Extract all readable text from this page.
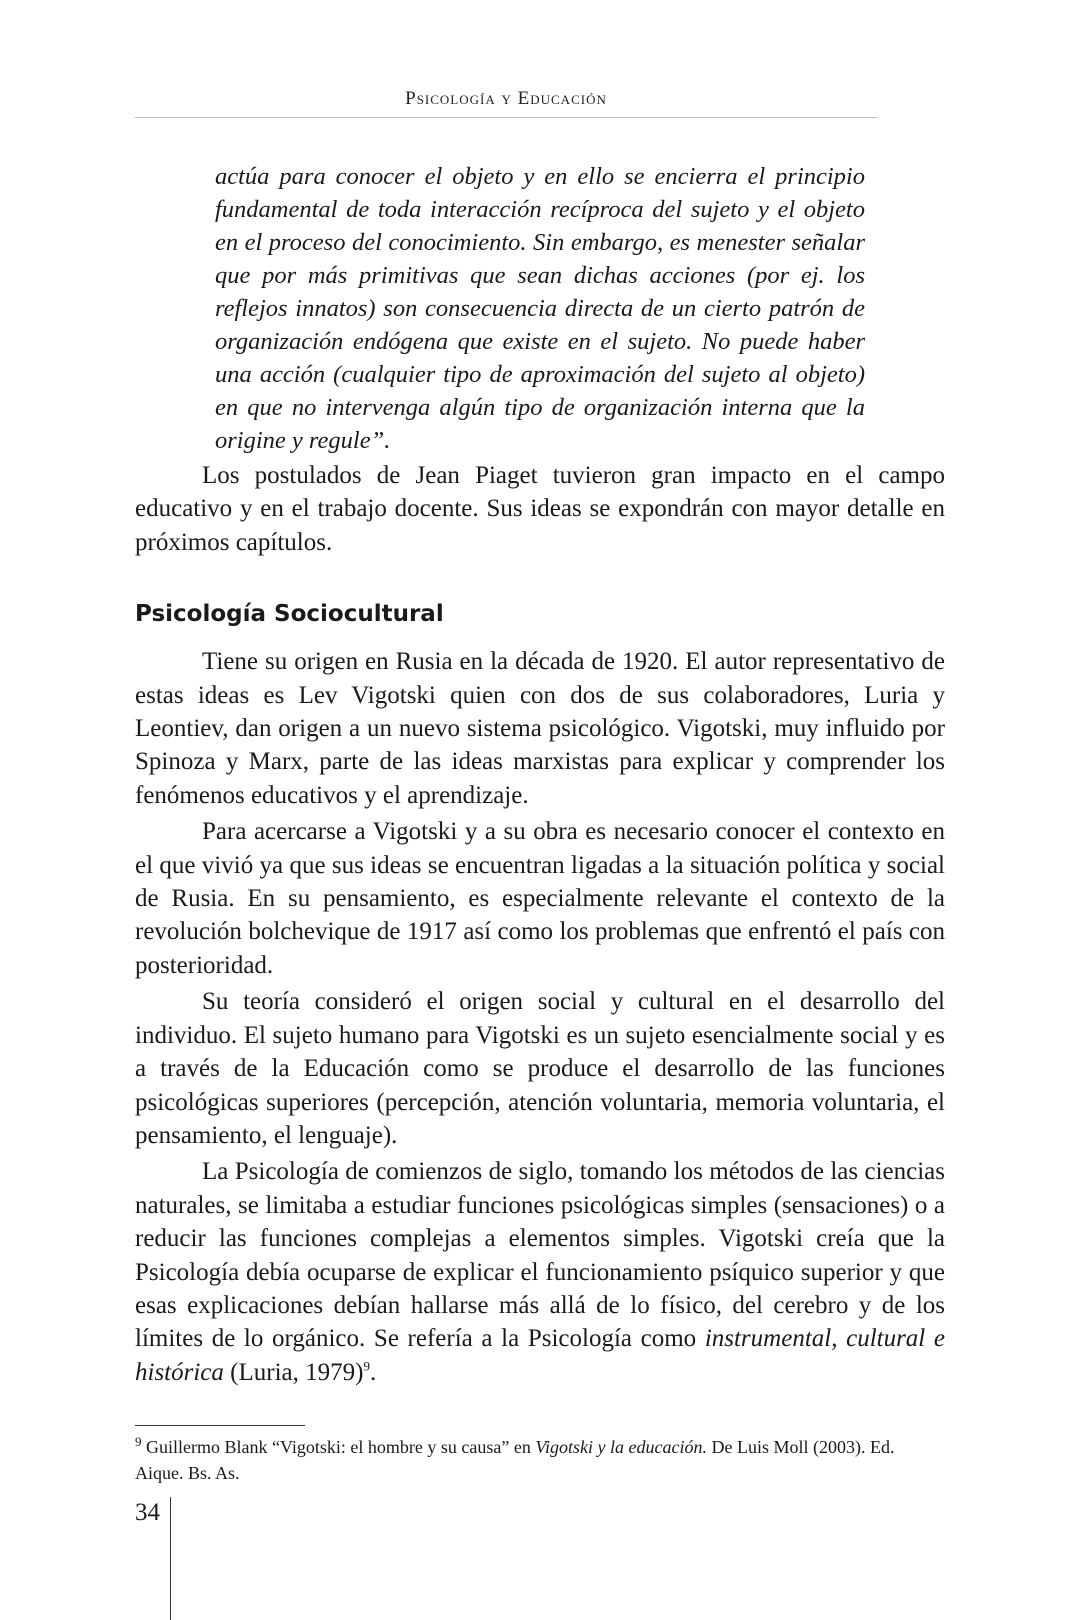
Psicología y Educación

actúa para conocer el objeto y en ello se encierra el principio fundamental de toda interacción recíproca del sujeto y el objeto en el proceso del conocimiento. Sin embargo, es menester señalar que por más primitivas que sean dichas acciones (por ej. los reflejos innatos) son consecuencia directa de un cierto patrón de organización endógena que existe en el sujeto. No puede haber una acción (cualquier tipo de aproximación del sujeto al objeto) en que no intervenga algún tipo de organización interna que la origine y regule”.

Los postulados de Jean Piaget tuvieron gran impacto en el campo educativo y en el trabajo docente. Sus ideas se expondrán con mayor detalle en próximos capítulos.

Psicología Sociocultural

Tiene su origen en Rusia en la década de 1920. El autor representativo de estas ideas es Lev Vigotski quien con dos de sus colaboradores, Luria y Leontiev, dan origen a un nuevo sistema psicológico. Vigotski, muy influido por Spinoza y Marx, parte de las ideas marxistas para explicar y comprender los fenómenos educativos y el aprendizaje.

Para acercarse a Vigotski y a su obra es necesario conocer el contexto en el que vivió ya que sus ideas se encuentran ligadas a la situación política y social de Rusia. En su pensamiento, es especialmente relevante el contexto de la revolución bolchevique de 1917 así como los problemas que enfrentó el país con posterioridad.

Su teoría consideró el origen social y cultural en el desarrollo del individuo. El sujeto humano para Vigotski es un sujeto esencialmente social y es a través de la Educación como se produce el desarrollo de las funciones psicológicas superiores (percepción, atención voluntaria, memoria voluntaria, el pensamiento, el lenguaje).

La Psicología de comienzos de siglo, tomando los métodos de las ciencias naturales, se limitaba a estudiar funciones psicológicas simples (sensaciones) o a reducir las funciones complejas a elementos simples. Vigotski creía que la Psicología debía ocuparse de explicar el funcionamiento psíquico superior y que esas explicaciones debían hallarse más allá de lo físico, del cerebro y de los límites de lo orgánico. Se refería a la Psicología como instrumental, cultural e histórica (Luria, 1979)$^9$.

$^9$ Guillermo Blank “Vigotski: el hombre y su causa” en Vigotski y la educación. De Luis Moll (2003). Ed. Aique. Bs. As.
34
